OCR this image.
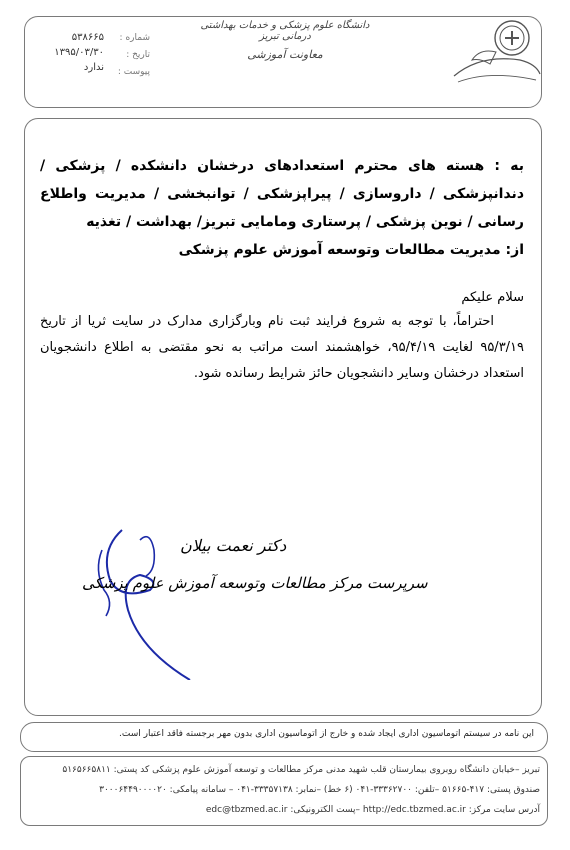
دانشگاه علوم پزشکی و خدمات بهداشتی درمانی تبریز
معاونت آموزشی
شماره :
تاریخ :
پیوست :
۵۳۸۶۶۵
۱۳۹۵/۰۳/۳۰
ندارد

به : هسته های محترم استعدادهای درخشان دانشکده / پزشکی / دندانپزشکی / داروسازی / پیراپزشکی / توانبخشی / مدیریت واطلاع رسانی / نوین پزشکی / پرستاری ومامایی تبریز/ بهداشت / تغذیه

از: مدیریت مطالعات وتوسعه آموزش علوم پزشکی

سلام علیکم

احتراماً، با توجه به شروع فرایند ثبت نام وبارگزاری مدارک در سایت ثریا از تاریخ ۹۵/۳/۱۹ لغایت ۹۵/۴/۱۹، خواهشمند است مراتب به نحو مقتضی به اطلاع دانشجویان استعداد درخشان وسایر دانشجویان حائز شرایط رسانده شود.

دکتر نعمت بیلان
سرپرست مرکز مطالعات وتوسعه آموزش علوم پزشکی
این نامه در سیستم اتوماسیون اداری ایجاد شده و خارج از اتوماسیون اداری بدون مهر برجسته فاقد اعتبار است.
تبریز –خیابان دانشگاه روبروی بیمارستان قلب شهید مدنی مرکز مطالعات و توسعه آموزش علوم پزشکی کد پستی: ۵۱۶۵۶۶۵۸۱۱
صندوق پستی: ۴۱۷-۵۱۶۶۵ –تلفن: ۳۳۳۶۲۷۰۰-۰۴۱ (۶ خط) –نمابر: ۳۳۳۵۷۱۳۸-۰۴۱ – سامانه پیامکی: ۳۰۰۰۶۴۴۹۰۰۰۰۲۰
آدرس سایت مرکز: http://edc.tbzmed.ac.ir –پست الکترونیکی: edc@tbzmed.ac.ir
